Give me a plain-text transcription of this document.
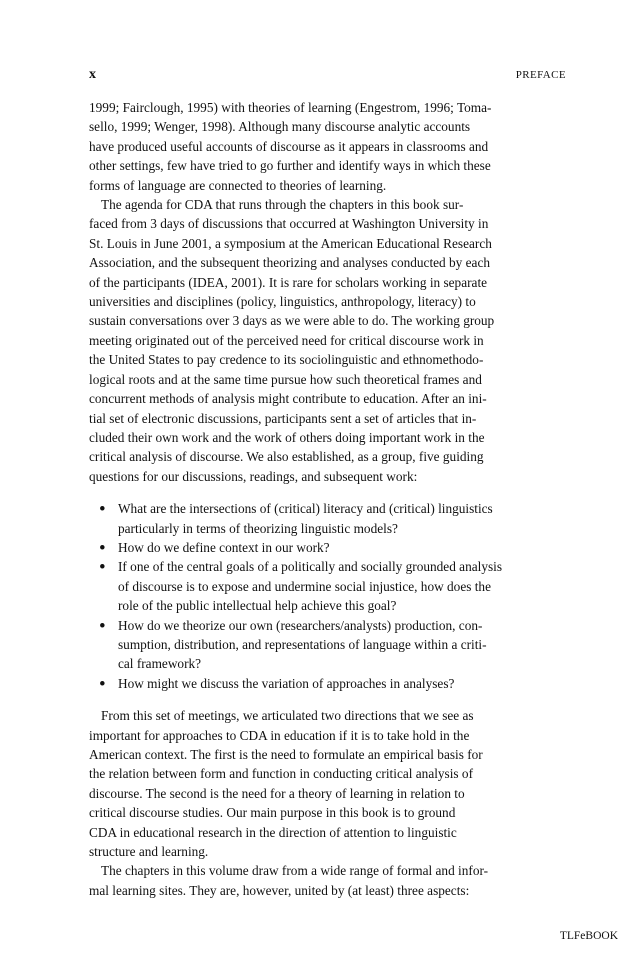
x	PREFACE
1999; Fairclough, 1995) with theories of learning (Engestrom, 1996; Toma-
sello, 1999; Wenger, 1998). Although many discourse analytic accounts
have produced useful accounts of discourse as it appears in classrooms and
other settings, few have tried to go further and identify ways in which these
forms of language are connected to theories of learning.
The agenda for CDA that runs through the chapters in this book sur-
faced from 3 days of discussions that occurred at Washington University in
St. Louis in June 2001, a symposium at the American Educational Research
Association, and the subsequent theorizing and analyses conducted by each
of the participants (IDEA, 2001). It is rare for scholars working in separate
universities and disciplines (policy, linguistics, anthropology, literacy) to
sustain conversations over 3 days as we were able to do. The working group
meeting originated out of the perceived need for critical discourse work in
the United States to pay credence to its sociolinguistic and ethnomethodo-
logical roots and at the same time pursue how such theoretical frames and
concurrent methods of analysis might contribute to education. After an ini-
tial set of electronic discussions, participants sent a set of articles that in-
cluded their own work and the work of others doing important work in the
critical analysis of discourse. We also established, as a group, five guiding
questions for our discussions, readings, and subsequent work:
• What are the intersections of (critical) literacy and (critical) linguistics
particularly in terms of theorizing linguistic models?
• How do we define context in our work?
• If one of the central goals of a politically and socially grounded analysis
of discourse is to expose and undermine social injustice, how does the
role of the public intellectual help achieve this goal?
• How do we theorize our own (researchers/analysts) production, con-
sumption, distribution, and representations of language within a criti-
cal framework?
• How might we discuss the variation of approaches in analyses?
From this set of meetings, we articulated two directions that we see as
important for approaches to CDA in education if it is to take hold in the
American context. The first is the need to formulate an empirical basis for
the relation between form and function in conducting critical analysis of
discourse. The second is the need for a theory of learning in relation to
critical discourse studies. Our main purpose in this book is to ground
CDA in educational research in the direction of attention to linguistic
structure and learning.
The chapters in this volume draw from a wide range of formal and infor-
mal learning sites. They are, however, united by (at least) three aspects:
TLFeBOOK
